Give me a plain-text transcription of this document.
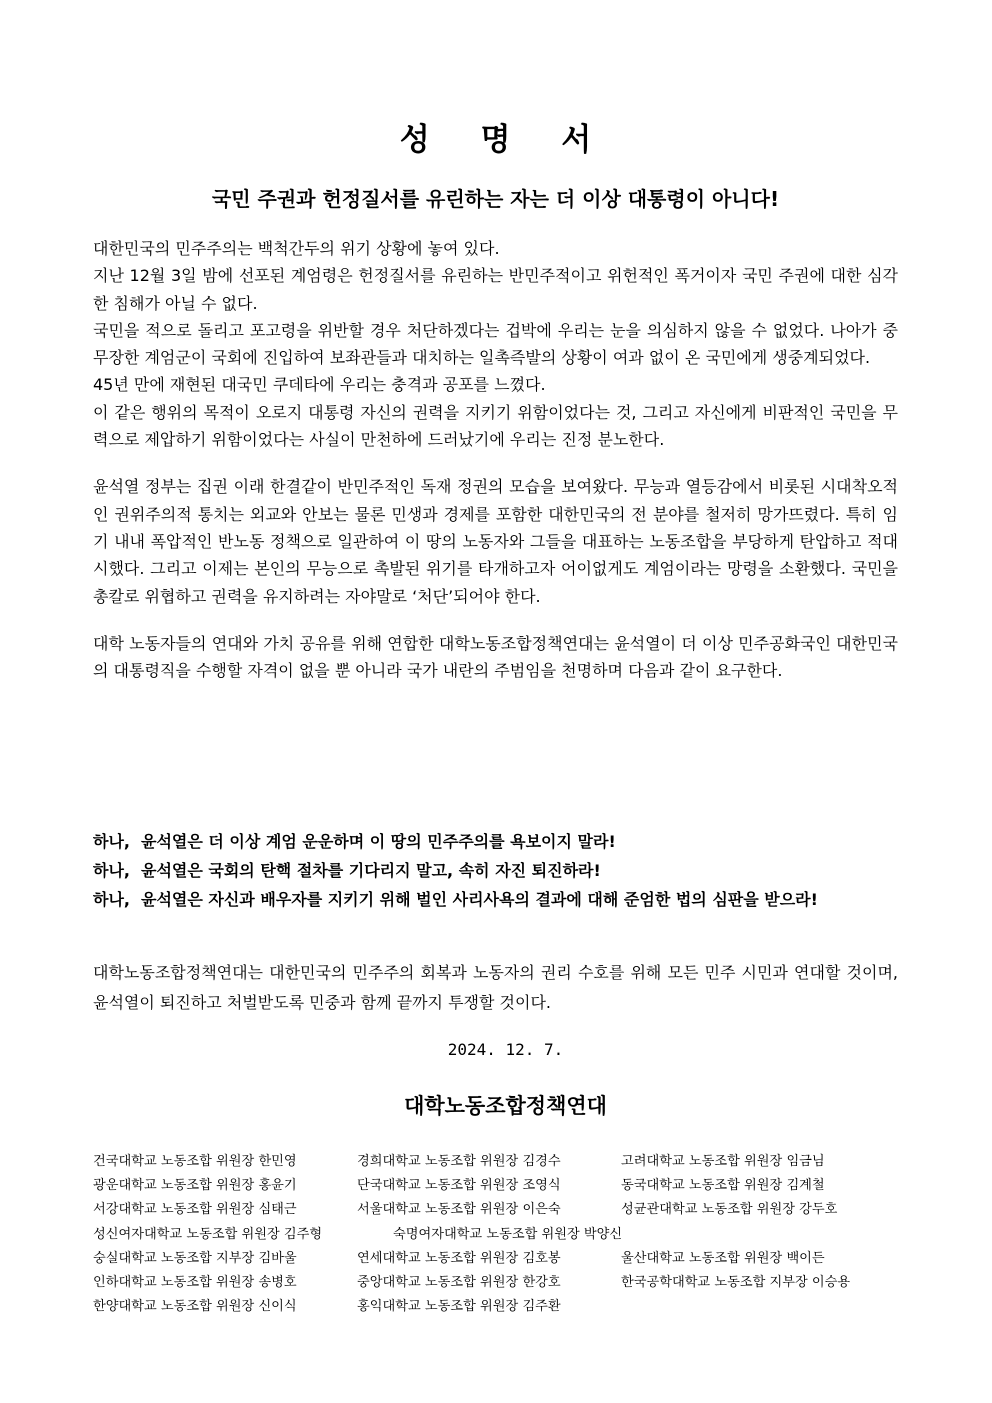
성 명 서
국민 주권과 헌정질서를 유린하는 자는 더 이상 대통령이 아니다!

대한민국의 민주주의는 백척간두의 위기 상황에 놓여 있다.

지난 12월 3일 밤에 선포된 계엄령은 헌정질서를 유린하는 반민주적이고 위헌적인 폭거이자 국민 주권에 대한 심각한 침해가 아닐 수 없다.

국민을 적으로 돌리고 포고령을 위반할 경우 처단하겠다는 겁박에 우리는 눈을 의심하지 않을 수 없었다. 나아가 중무장한 계엄군이 국회에 진입하여 보좌관들과 대치하는 일촉즉발의 상황이 여과 없이 온 국민에게 생중계되었다.

45년 만에 재현된 대국민 쿠데타에 우리는 충격과 공포를 느꼈다.

이 같은 행위의 목적이 오로지 대통령 자신의 권력을 지키기 위함이었다는 것, 그리고 자신에게 비판적인 국민을 무력으로 제압하기 위함이었다는 사실이 만천하에 드러났기에 우리는 진정 분노한다.

윤석열 정부는 집권 이래 한결같이 반민주적인 독재 정권의 모습을 보여왔다. 무능과 열등감에서 비롯된 시대착오적인 권위주의적 통치는 외교와 안보는 물론 민생과 경제를 포함한 대한민국의 전 분야를 철저히 망가뜨렸다. 특히 임기 내내 폭압적인 반노동 정책으로 일관하여 이 땅의 노동자와 그들을 대표하는 노동조합을 부당하게 탄압하고 적대시했다. 그리고 이제는 본인의 무능으로 촉발된 위기를 타개하고자 어이없게도 계엄이라는 망령을 소환했다. 국민을 총칼로 위협하고 권력을 유지하려는 자야말로 ‘처단’되어야 한다.

대학 노동자들의 연대와 가치 공유를 위해 연합한 대학노동조합정책연대는 윤석열이 더 이상 민주공화국인 대한민국의 대통령직을 수행할 자격이 없을 뿐 아니라 국가 내란의 주범임을 천명하며 다음과 같이 요구한다.

하나, 윤석열은 더 이상 계엄 운운하며 이 땅의 민주주의를 욕보이지 말라!
하나, 윤석열은 국회의 탄핵 절차를 기다리지 말고, 속히 자진 퇴진하라!
하나, 윤석열은 자신과 배우자를 지키기 위해 벌인 사리사욕의 결과에 대해 준엄한 법의 심판을 받으라!
대학노동조합정책연대는 대한민국의 민주주의 회복과 노동자의 권리 수호를 위해 모든 민주 시민과 연대할 것이며, 윤석열이 퇴진하고 처벌받도록 민중과 함께 끝까지 투쟁할 것이다.
2024. 12. 7.
대학노동조합정책연대
건국대학교 노동조합 위원장 한민영	경희대학교 노동조합 위원장 김경수	고려대학교 노동조합 위원장 임금님
광운대학교 노동조합 위원장 홍윤기	단국대학교 노동조합 위원장 조영식	동국대학교 노동조합 위원장 김계철
서강대학교 노동조합 위원장 심태근	서울대학교 노동조합 위원장 이은숙	성균관대학교 노동조합 위원장 강두호
성신여자대학교 노동조합 위원장 김주형	숙명여자대학교 노동조합 위원장 박양신
숭실대학교 노동조합 지부장 김바울	연세대학교 노동조합 위원장 김호봉	울산대학교 노동조합 위원장 백이든
인하대학교 노동조합 위원장 송병호	중앙대학교 노동조합 위원장 한강호	한국공학대학교 노동조합 지부장 이승용
한양대학교 노동조합 위원장 신이식	홍익대학교 노동조합 위원장 김주환
